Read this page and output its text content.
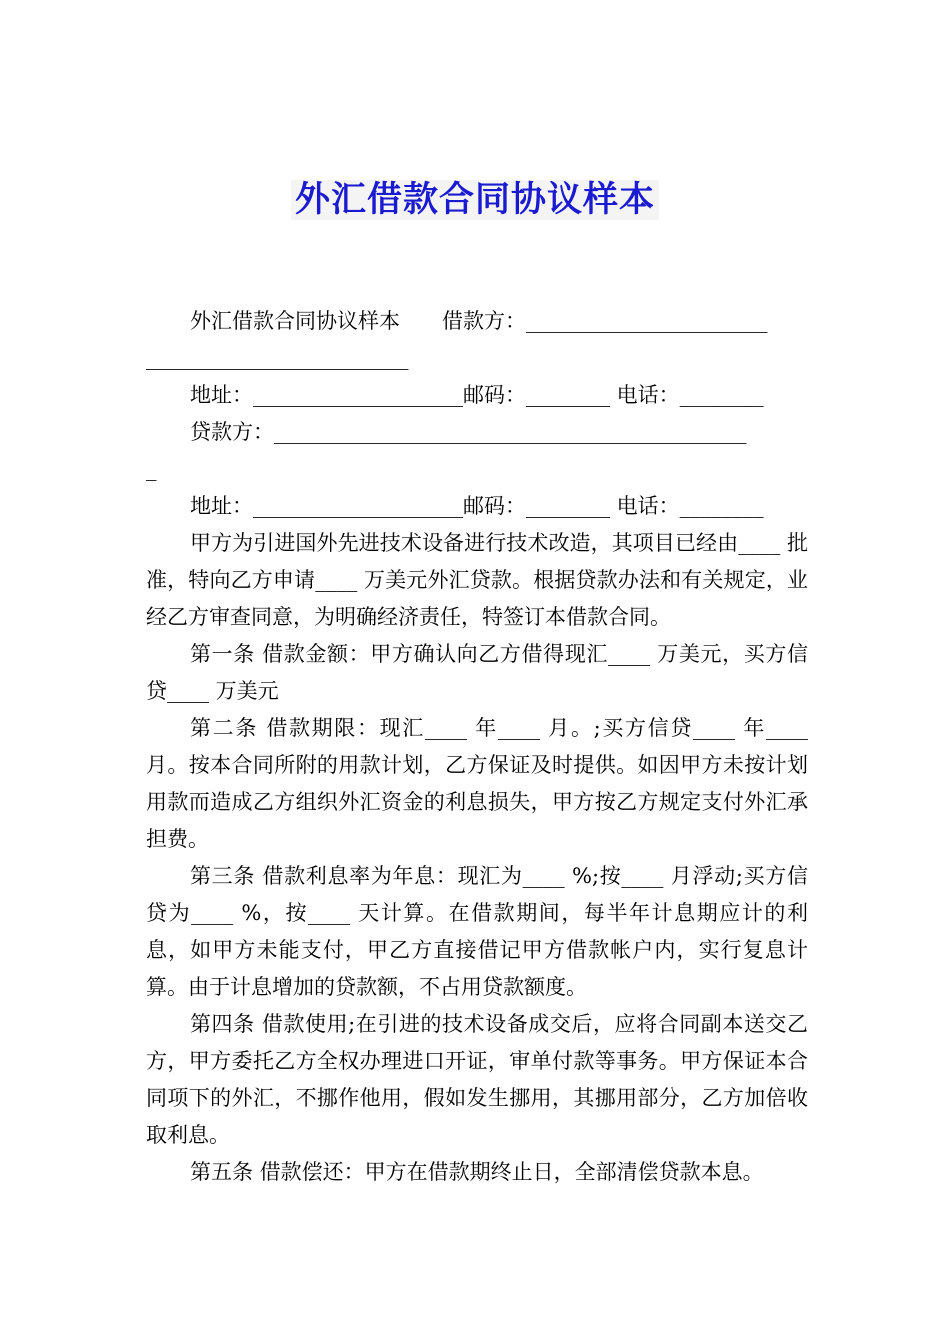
外汇借款合同协议样本

外汇借款合同协议样本　　借款方：_______________________

_________________________

地址：____________________邮码：________ 电话：________

贷款方：_____________________________________________

_

地址：____________________邮码：________ 电话：________

甲方为引进国外先进技术设备进行技术改造，其项目已经由____ 批准，特向乙方申请____ 万美元外汇贷款。根据贷款办法和有关规定，业经乙方审查同意，为明确经济责任，特签订本借款合同。

第一条 借款金额：甲方确认向乙方借得现汇____ 万美元，买方信贷____ 万美元

第二条 借款期限：现汇____ 年____ 月。;买方信贷____ 年____ 月。按本合同所附的用款计划，乙方保证及时提供。如因甲方未按计划用款而造成乙方组织外汇资金的利息损失，甲方按乙方规定支付外汇承担费。

第三条 借款利息率为年息：现汇为____ %;按____ 月浮动;买方信贷为____ %，按____ 天计算。在借款期间，每半年计息期应计的利息，如甲方未能支付，甲乙方直接借记甲方借款帐户内，实行复息计算。由于计息增加的贷款额，不占用贷款额度。

第四条 借款使用;在引进的技术设备成交后，应将合同副本送交乙方，甲方委托乙方全权办理进口开证，审单付款等事务。甲方保证本合同项下的外汇，不挪作他用，假如发生挪用，其挪用部分，乙方加倍收取利息。

第五条 借款偿还：甲方在借款期终止日，全部清偿贷款本息。
